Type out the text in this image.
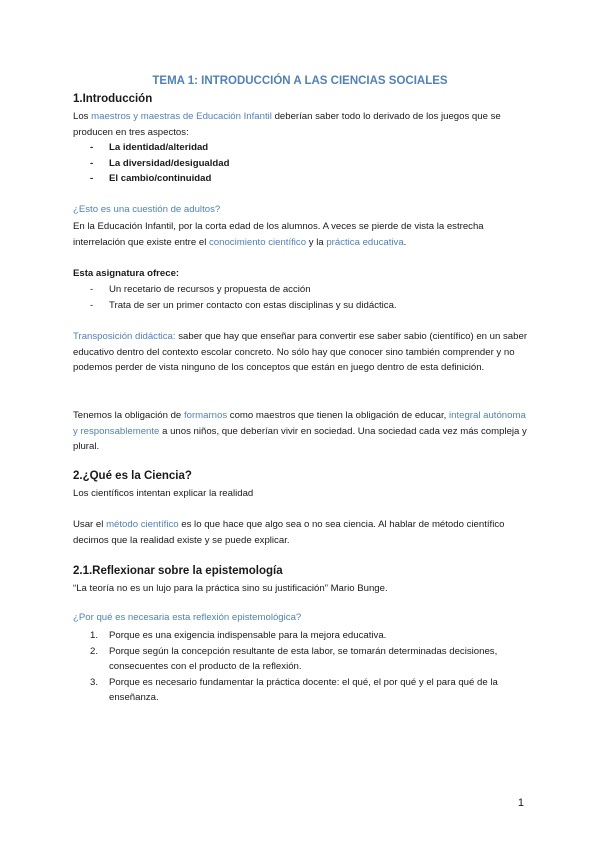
TEMA 1: INTRODUCCIÓN A LAS CIENCIAS SOCIALES

1.Introducción

Los maestros y maestras de Educación Infantil deberían saber todo lo derivado de los juegos que se producen en tres aspectos:

- La identidad/alteridad
- La diversidad/desigualdad
- El cambio/continuidad

¿Esto es una cuestión de adultos?

En la Educación Infantil, por la corta edad de los alumnos. A veces se pierde de vista la estrecha interrelación que existe entre el conocimiento científico y la práctica educativa.

Esta asignatura ofrece:

- Un recetario de recursos y propuesta de acción
- Trata de ser un primer contacto con estas disciplinas y su didáctica.

Transposición didáctica: saber que hay que enseñar para convertir ese saber sabio (científico) en un saber educativo dentro del contexto escolar concreto. No sólo hay que conocer sino también comprender y no podemos perder de vista ninguno de los conceptos que están en juego dentro de esta definición.

Tenemos la obligación de formarnos como maestros que tienen la obligación de educar, integral autónoma y responsablemente a unos niños, que deberían vivir en sociedad. Una sociedad cada vez más compleja y plural.

2.¿Qué es la Ciencia?

Los científicos intentan explicar la realidad

Usar el método científico es lo que hace que algo sea o no sea ciencia. Al hablar de método científico decimos que la realidad existe y se puede explicar.

2.1.Reflexionar sobre la epistemología

“La teoría no es un lujo para la práctica sino su justificación” Mario Bunge.

¿Por qué es necesaria esta reflexión epistemológica?

1. Porque es una exigencia indispensable para la mejora educativa.
2. Porque según la concepción resultante de esta labor, se tomarán determinadas decisiones, consecuentes con el producto de la reflexión.
3. Porque es necesario fundamentar la práctica docente: el qué, el por qué y el para qué de la enseñanza.
1
